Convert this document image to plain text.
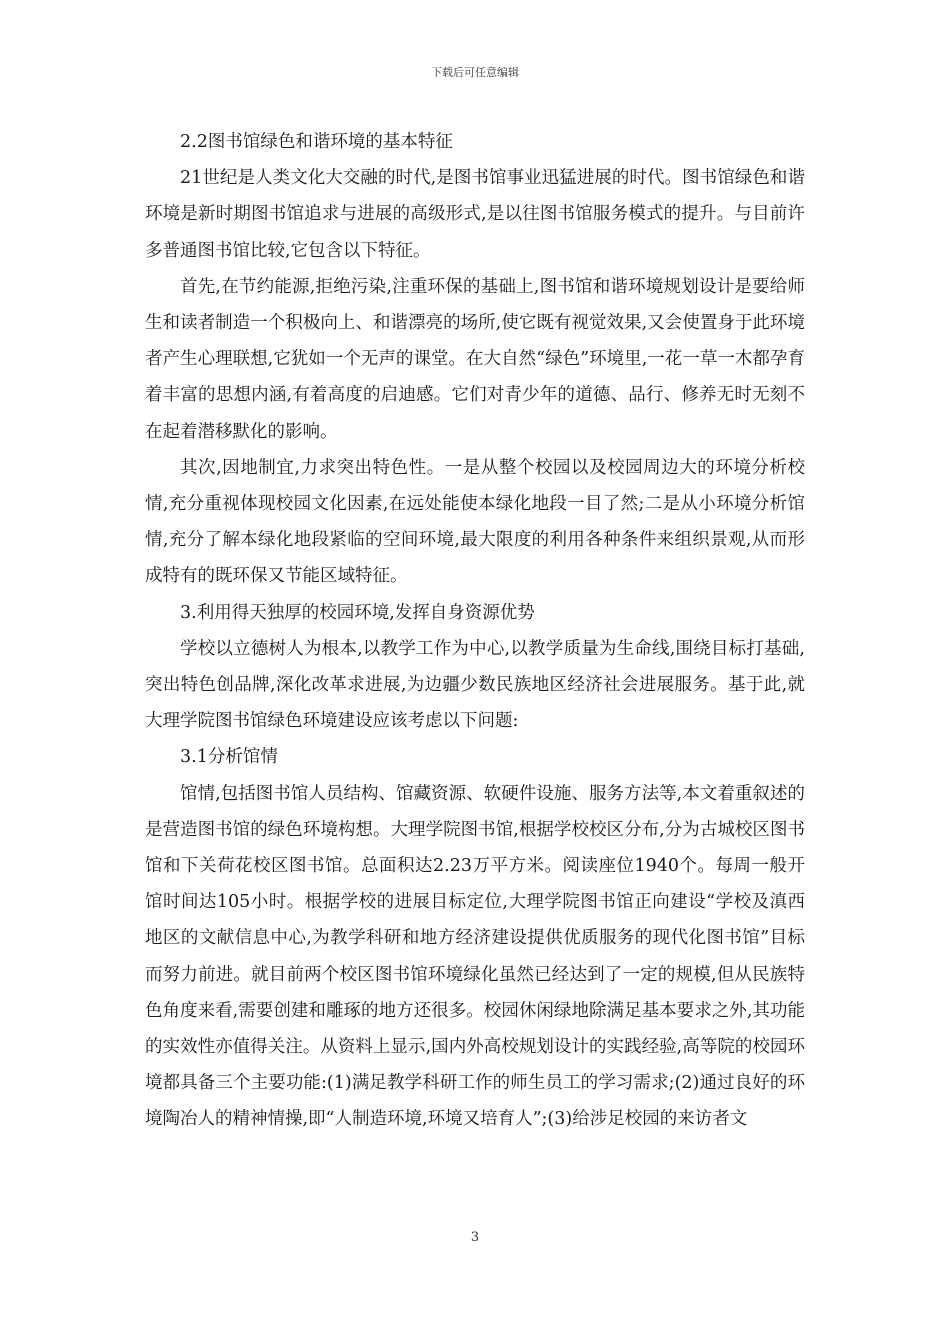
下载后可任意编辑

2.2图书馆绿色和谐环境的基本特征

21世纪是人类文化大交融的时代,是图书馆事业迅猛进展的时代。图书馆绿色和谐环境是新时期图书馆追求与进展的高级形式,是以往图书馆服务模式的提升。与目前许多普通图书馆比较,它包含以下特征。

首先,在节约能源,拒绝污染,注重环保的基础上,图书馆和谐环境规划设计是要给师生和读者制造一个积极向上、和谐漂亮的场所,使它既有视觉效果,又会使置身于此环境者产生心理联想,它犹如一个无声的课堂。在大自然“绿色”环境里,一花一草一木都孕育着丰富的思想内涵,有着高度的启迪感。它们对青少年的道德、品行、修养无时无刻不在起着潜移默化的影响。

其次,因地制宜,力求突出特色性。一是从整个校园以及校园周边大的环境分析校情,充分重视体现校园文化因素,在远处能使本绿化地段一目了然;二是从小环境分析馆情,充分了解本绿化地段紧临的空间环境,最大限度的利用各种条件来组织景观,从而形成特有的既环保又节能区域特征。

3.利用得天独厚的校园环境,发挥自身资源优势

学校以立德树人为根本,以教学工作为中心,以教学质量为生命线,围绕目标打基础,突出特色创品牌,深化改革求进展,为边疆少数民族地区经济社会进展服务。基于此,就大理学院图书馆绿色环境建设应该考虑以下问题:

3.1分析馆情

馆情,包括图书馆人员结构、馆藏资源、软硬件设施、服务方法等,本文着重叙述的是营造图书馆的绿色环境构想。大理学院图书馆,根据学校校区分布,分为古城校区图书馆和下关荷花校区图书馆。总面积达2.23万平方米。阅读座位1940个。每周一般开馆时间达105小时。根据学校的进展目标定位,大理学院图书馆正向建设“学校及滇西地区的文献信息中心,为教学科研和地方经济建设提供优质服务的现代化图书馆”目标而努力前进。就目前两个校区图书馆环境绿化虽然已经达到了一定的规模,但从民族特色角度来看,需要创建和雕琢的地方还很多。校园休闲绿地除满足基本要求之外,其功能的实效性亦值得关注。从资料上显示,国内外高校规划设计的实践经验,高等院的校园环境都具备三个主要功能:(1)满足教学科研工作的师生员工的学习需求;(2)通过良好的环境陶冶人的精神情操,即“人制造环境,环境又培育人”;(3)给涉足校园的来访者文

3
